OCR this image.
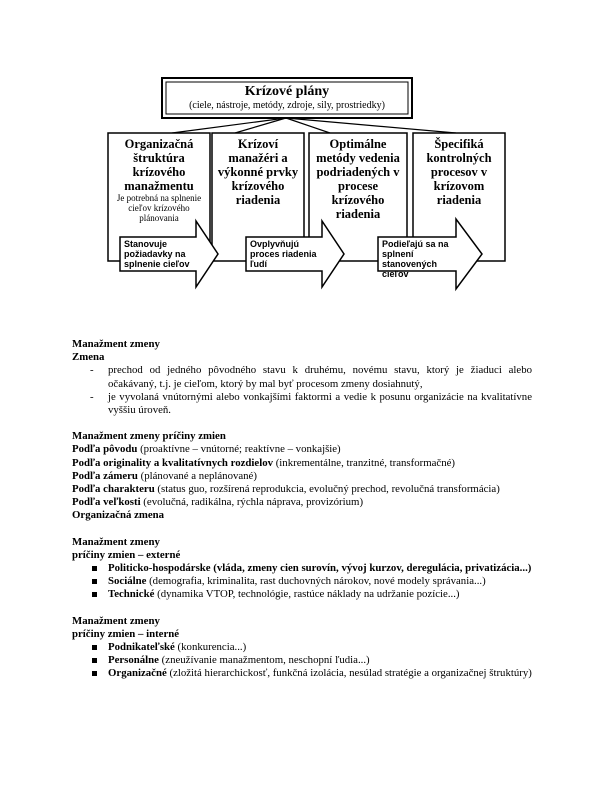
Krízové plány
(ciele, nástroje, metódy, zdroje, sily, prostriedky)
Organizačná štruktúra krízového manažmentu
Je potrebná na splnenie cieľov krízového plánovania
Krízoví manažéri a výkonné prvky krízového riadenia
Optimálne metódy vedenia podriadených v procese krízového riadenia
Špecifiká kontrolných procesov v krízovom riadenia
Stanovuje požiadavky na splnenie cieľov
Ovplyvňujú proces riadenia ľudí
Podieľajú sa na splnení stanovených cieľov

Manažment zmeny

Zmena

- prechod od jedného pôvodného stavu k druhému, novému stavu, ktorý je žiaduci alebo očakávaný, t.j. je cieľom, ktorý by mal byť procesom zmeny dosiahnutý,
- je vyvolaná vnútornými alebo vonkajšími faktormi a vedie k posunu organizácie na kvalitatívne vyššiu úroveň.

Manažment zmeny príčiny zmien

Podľa pôvodu (proaktívne – vnútorné; reaktívne – vonkajšie)

Podľa originality a kvalitatívnych rozdielov (inkrementálne, tranzitné, transformačné)

Podľa zámeru (plánované a neplánované)

Podľa charakteru (status guo, rozšírená reprodukcia, evolučný prechod, revolučná transformácia)

Podľa veľkosti (evolučná, radikálna, rýchla náprava, provizórium)

Organizačná zmena

Manažment zmeny

príčiny zmien – externé

Politicko-hospodárske (vláda, zmeny cien surovín, vývoj kurzov, deregulácia, privatizácia...)
Sociálne (demografia, kriminalita, rast duchovných nárokov, nové modely správania...)
Technické (dynamika VTOP, technológie, rastúce náklady na udržanie pozície...)

Manažment zmeny

príčiny zmien – interné

Podnikateľské (konkurencia...)
Personálne (zneužívanie manažmentom, neschopní ľudia...)
Organizačné (zložitá hierarchickosť, funkčná izolácia, nesúlad stratégie a organizačnej štruktúry)
